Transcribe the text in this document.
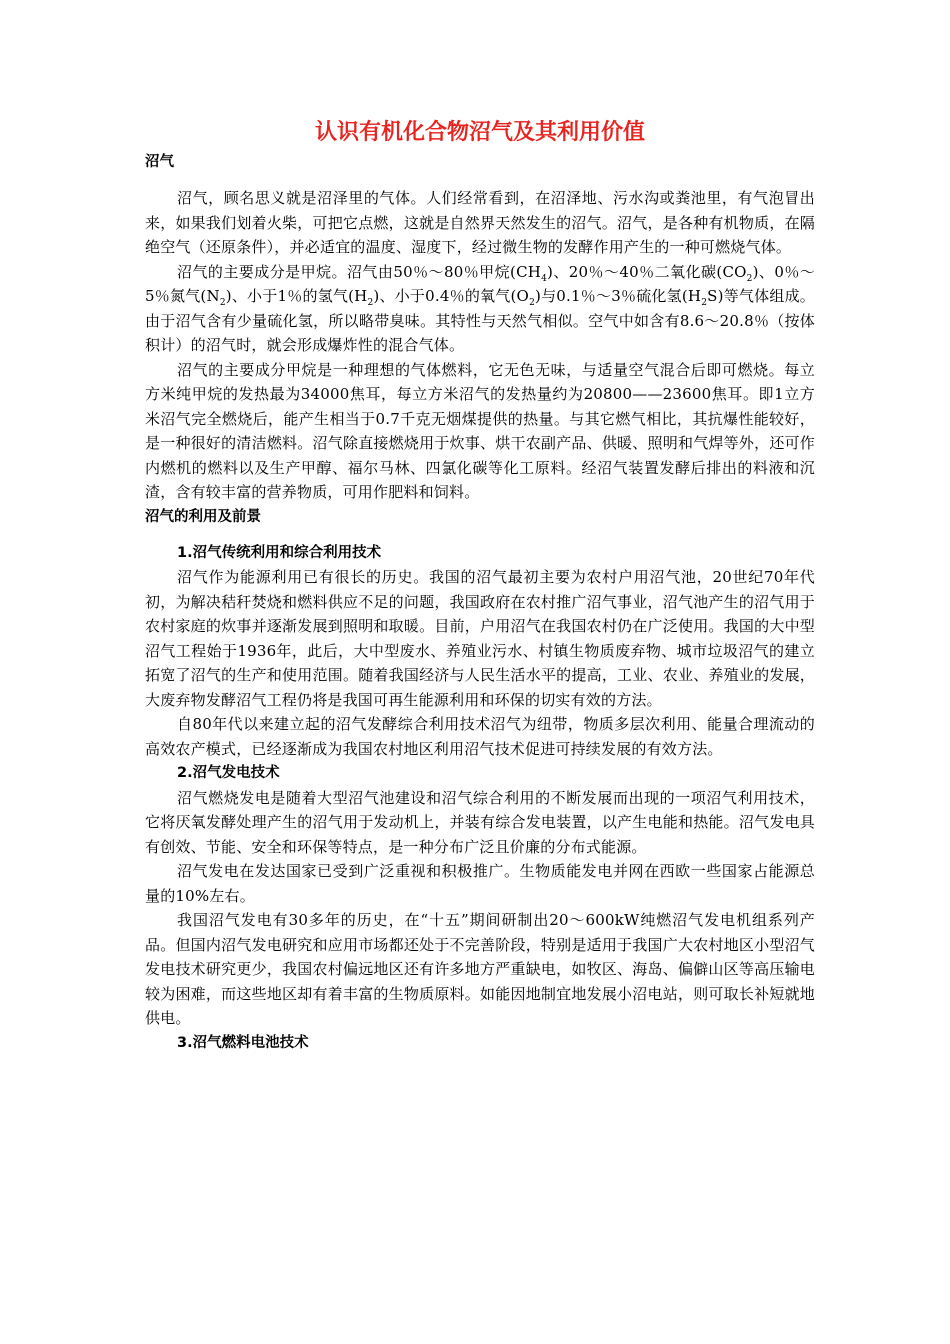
认识有机化合物沼气及其利用价值
沼气

沼气，顾名思义就是沼泽里的气体。人们经常看到，在沼泽地、污水沟或粪池里，有气泡冒出来，如果我们划着火柴，可把它点燃，这就是自然界天然发生的沼气。沼气，是各种有机物质，在隔绝空气（还原条件），并必适宜的温度、湿度下，经过微生物的发酵作用产生的一种可燃烧气体。

沼气的主要成分是甲烷。沼气由50％～80％甲烷$(CH_4)$、20％～40％二氧化碳$(CO_2)$、0％～5％氮气$(N_2)$、小于1％的氢气$(H_2)$、小于0.4％的氧气$(O_2)$与0.1％～3％硫化氢$(H_2S)$等气体组成。由于沼气含有少量硫化氢，所以略带臭味。其特性与天然气相似。空气中如含有8.6～20.8％（按体积计）的沼气时，就会形成爆炸性的混合气体。

沼气的主要成分甲烷是一种理想的气体燃料，它无色无味，与适量空气混合后即可燃烧。每立方米纯甲烷的发热最为34000焦耳，每立方米沼气的发热量约为20800——23600焦耳。即1立方米沼气完全燃烧后，能产生相当于0.7千克无烟煤提供的热量。与其它燃气相比，其抗爆性能较好，是一种很好的清洁燃料。沼气除直接燃烧用于炊事、烘干农副产品、供暖、照明和气焊等外，还可作内燃机的燃料以及生产甲醇、福尔马林、四氯化碳等化工原料。经沼气装置发酵后排出的料液和沉渣，含有较丰富的营养物质，可用作肥料和饲料。

沼气的利用及前景
1.沼气传统利用和综合利用技术

沼气作为能源利用已有很长的历史。我国的沼气最初主要为农村户用沼气池，20世纪70年代初，为解决秸秆焚烧和燃料供应不足的问题，我国政府在农村推广沼气事业，沼气池产生的沼气用于农村家庭的炊事并逐渐发展到照明和取暖。目前，户用沼气在我国农村仍在广泛使用。我国的大中型沼气工程始于1936年，此后，大中型废水、养殖业污水、村镇生物质废弃物、城市垃圾沼气的建立拓宽了沼气的生产和使用范围。随着我国经济与人民生活水平的提高，工业、农业、养殖业的发展，大废弃物发酵沼气工程仍将是我国可再生能源利用和环保的切实有效的方法。

自80年代以来建立起的沼气发酵综合利用技术沼气为纽带，物质多层次利用、能量合理流动的高效农产模式，已经逐渐成为我国农村地区利用沼气技术促进可持续发展的有效方法。

2.沼气发电技术

沼气燃烧发电是随着大型沼气池建设和沼气综合利用的不断发展而出现的一项沼气利用技术，它将厌氧发酵处理产生的沼气用于发动机上，并装有综合发电装置，以产生电能和热能。沼气发电具有创效、节能、安全和环保等特点，是一种分布广泛且价廉的分布式能源。

沼气发电在发达国家已受到广泛重视和积极推广。生物质能发电并网在西欧一些国家占能源总量的10%左右。

我国沼气发电有30多年的历史，在“十五”期间研制出20～600kW纯燃沼气发电机组系列产品。但国内沼气发电研究和应用市场都还处于不完善阶段，特别是适用于我国广大农村地区小型沼气发电技术研究更少，我国农村偏远地区还有许多地方严重缺电，如牧区、海岛、偏僻山区等高压输电较为困难，而这些地区却有着丰富的生物质原料。如能因地制宜地发展小沼电站，则可取长补短就地供电。

3.沼气燃料电池技术
